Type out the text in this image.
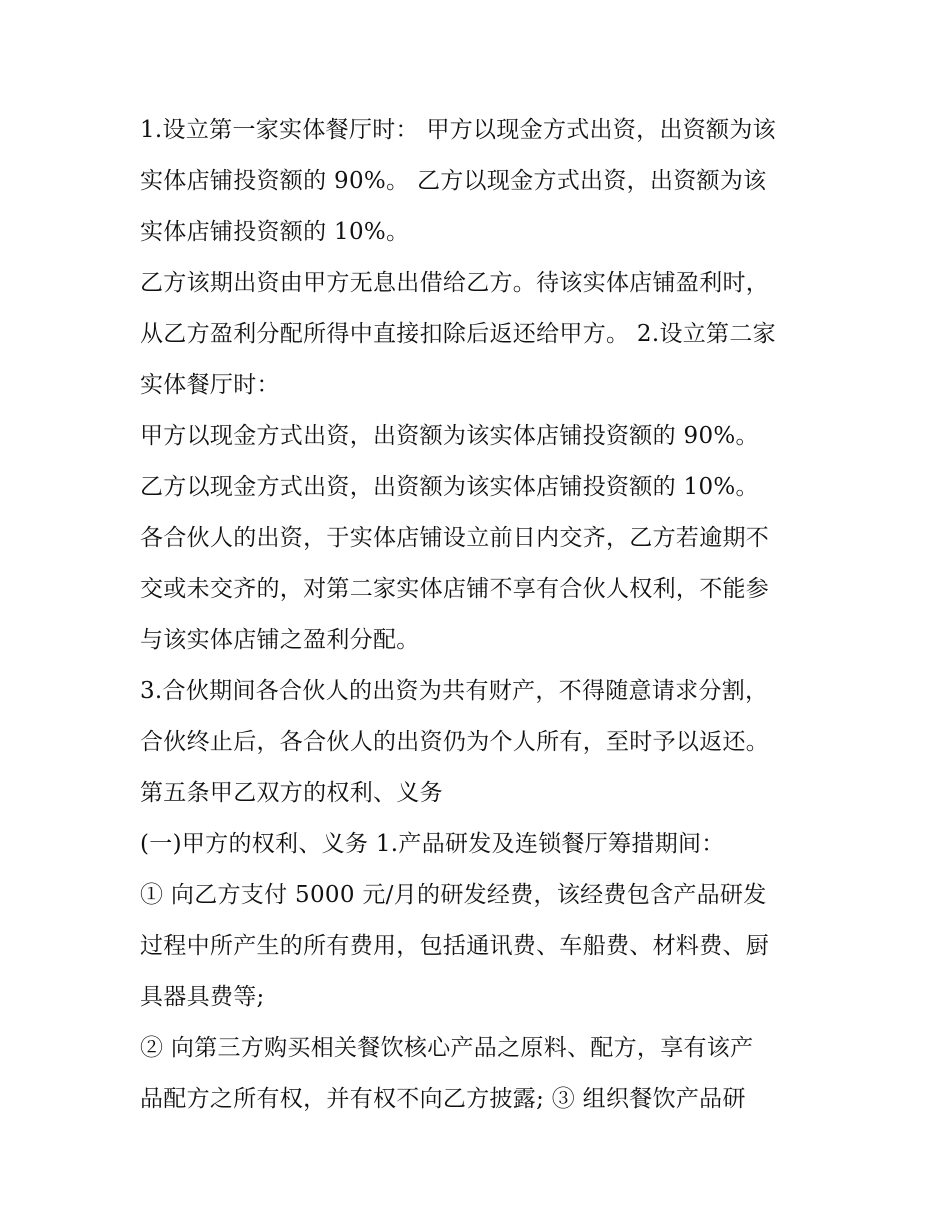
1.设立第一家实体餐厅时： 甲方以现金方式出资，出资额为该
实体店铺投资额的 90%。 乙方以现金方式出资，出资额为该
实体店铺投资额的 10%。

乙方该期出资由甲方无息出借给乙方。待该实体店铺盈利时，
从乙方盈利分配所得中直接扣除后返还给甲方。 2.设立第二家
实体餐厅时：

甲方以现金方式出资，出资额为该实体店铺投资额的 90%。

乙方以现金方式出资，出资额为该实体店铺投资额的 10%。

各合伙人的出资，于实体店铺设立前日内交齐，乙方若逾期不
交或未交齐的，对第二家实体店铺不享有合伙人权利，不能参
与该实体店铺之盈利分配。

3.合伙期间各合伙人的出资为共有财产，不得随意请求分割，
合伙终止后，各合伙人的出资仍为个人所有，至时予以返还。

第五条甲乙双方的权利、义务

(一)甲方的权利、义务 1.产品研发及连锁餐厅筹措期间：

① 向乙方支付 5000 元/月的研发经费，该经费包含产品研发
过程中所产生的所有费用，包括通讯费、车船费、材料费、厨
具器具费等;

② 向第三方购买相关餐饮核心产品之原料、配方，享有该产
品配方之所有权，并有权不向乙方披露; ③ 组织餐饮产品研
